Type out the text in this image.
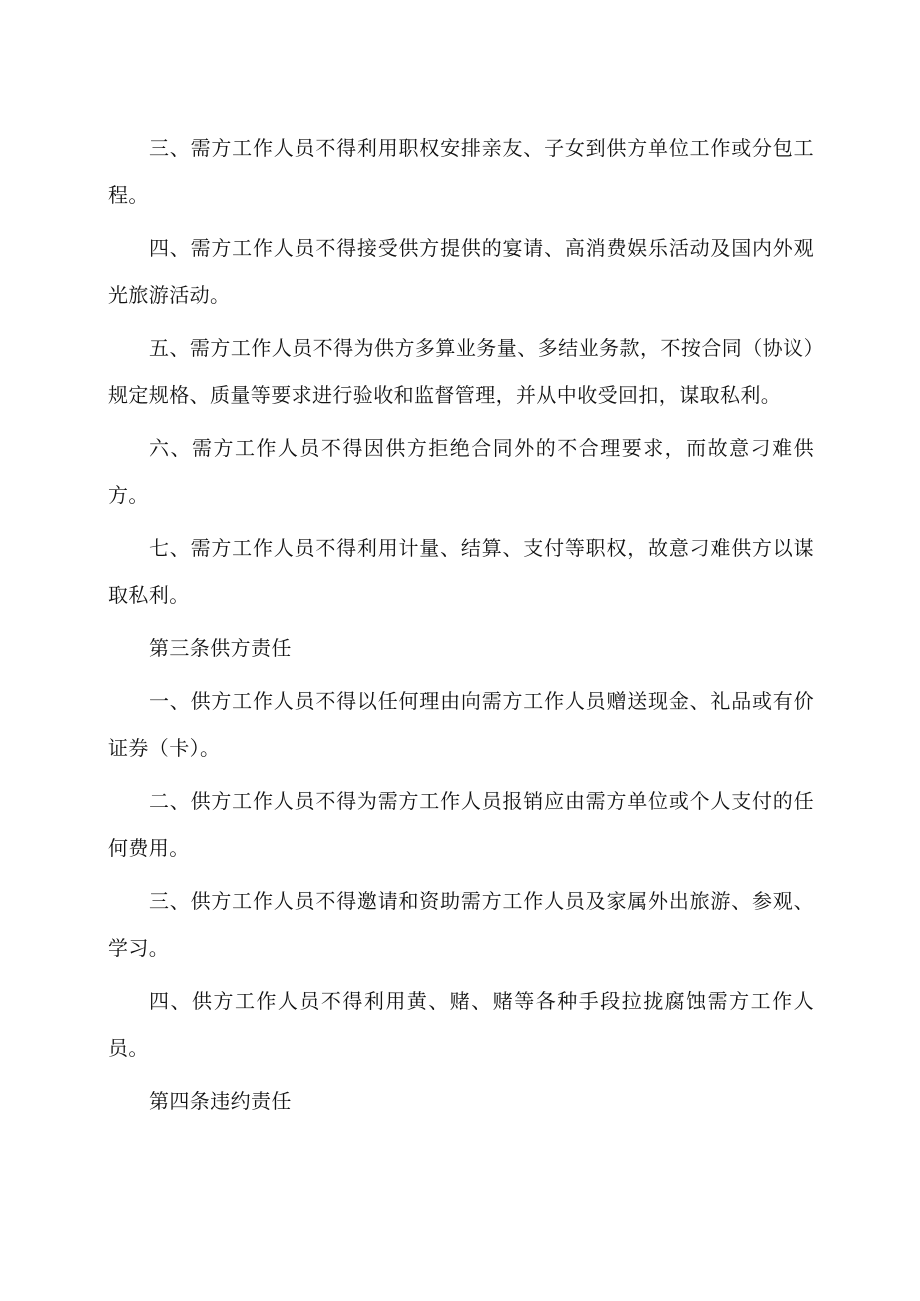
三、需方工作人员不得利用职权安排亲友、子女到供方单位工作或分包工程。

四、需方工作人员不得接受供方提供的宴请、高消费娱乐活动及国内外观光旅游活动。

五、需方工作人员不得为供方多算业务量、多结业务款，不按合同（协议）规定规格、质量等要求进行验收和监督管理，并从中收受回扣，谋取私利。

六、需方工作人员不得因供方拒绝合同外的不合理要求，而故意刁难供方。

七、需方工作人员不得利用计量、结算、支付等职权，故意刁难供方以谋取私利。

第三条供方责任

一、供方工作人员不得以任何理由向需方工作人员赠送现金、礼品或有价证券（卡）。

二、供方工作人员不得为需方工作人员报销应由需方单位或个人支付的任何费用。

三、供方工作人员不得邀请和资助需方工作人员及家属外出旅游、参观、学习。

四、供方工作人员不得利用黄、赌、赌等各种手段拉拢腐蚀需方工作人员。

第四条违约责任
